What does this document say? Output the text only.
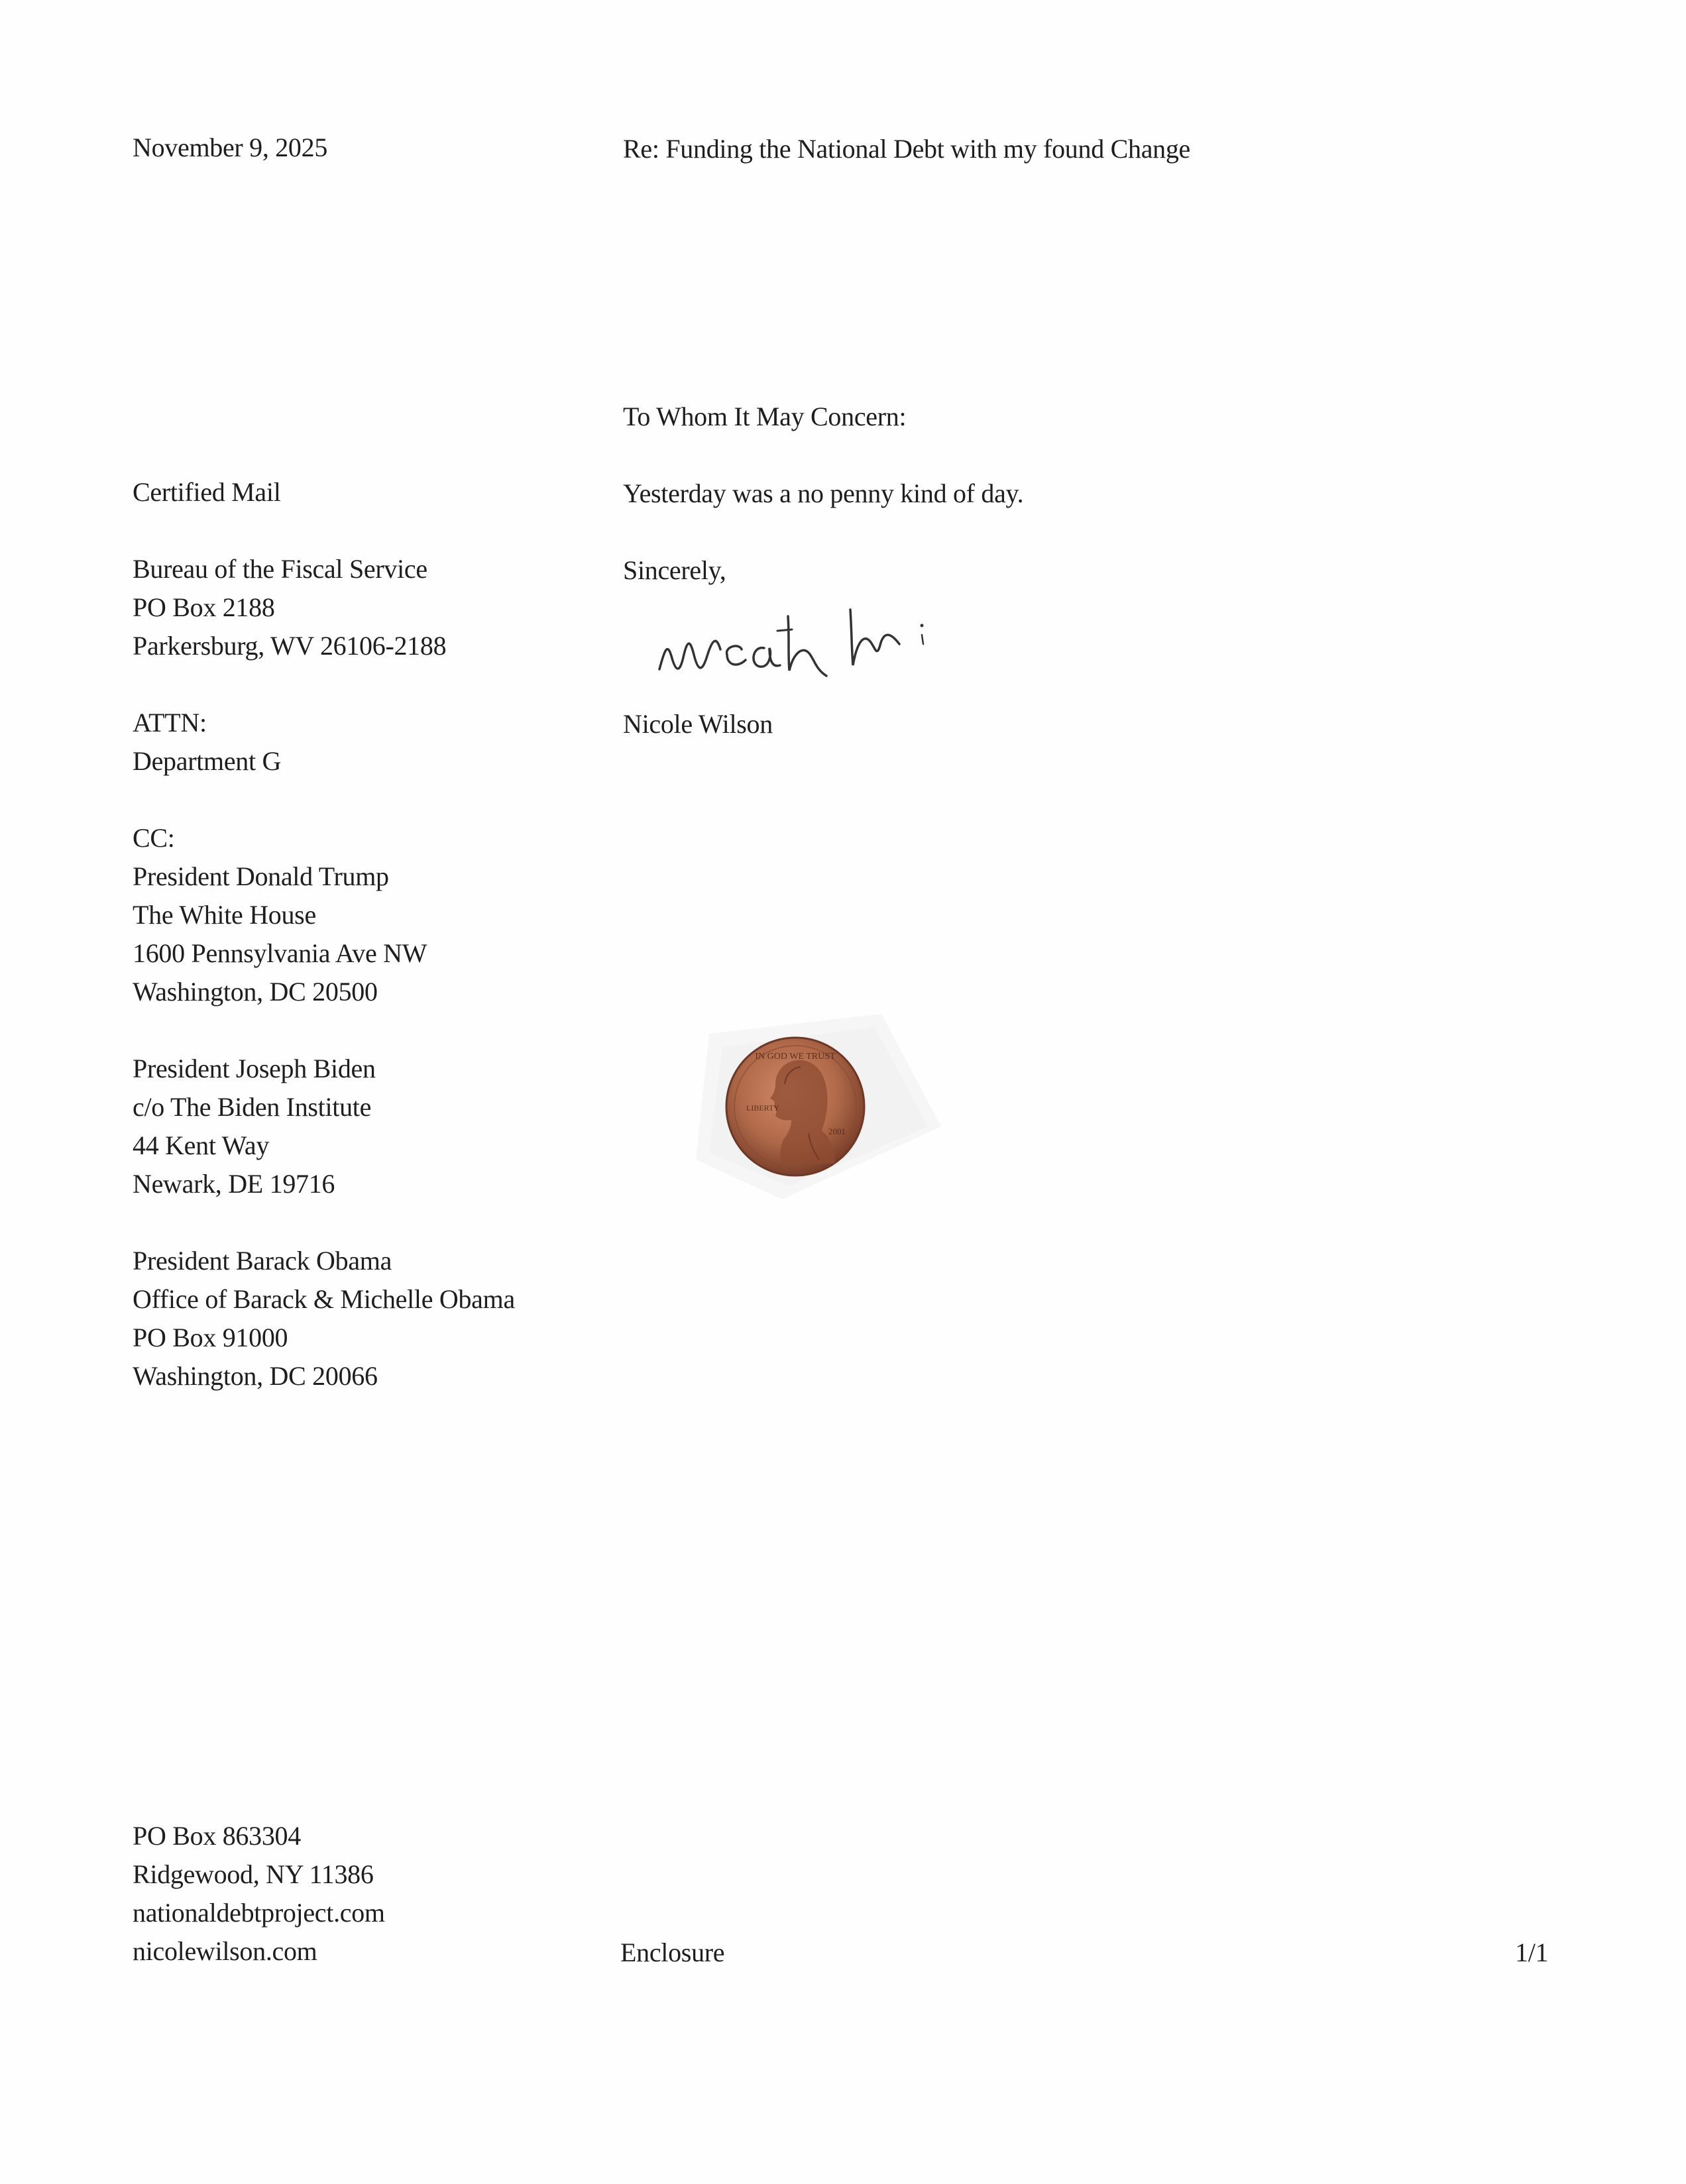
November 9, 2025	Re: Funding the National Debt with my found Change
To Whom It May Concern:
Yesterday was a no penny kind of day.
Sincerely,
Nicole Wilson
Certified Mail
Bureau of the Fiscal Service
PO Box 2188
Parkersburg, WV 26106-2188
ATTN:
Department G
CC:
President Donald Trump
The White House
1600 Pennsylvania Ave NW
Washington, DC 20500
President Joseph Biden
c/o The Biden Institute
44 Kent Way
Newark, DE 19716
President Barack Obama
Office of Barack & Michelle Obama
PO Box 91000
Washington, DC 20066
IN GOD WE TRUST
LIBERTY
2001
PO Box 863304
Ridgewood, NY 11386
nationaldebtproject.com
nicolewilson.com	Enclosure	1/1
